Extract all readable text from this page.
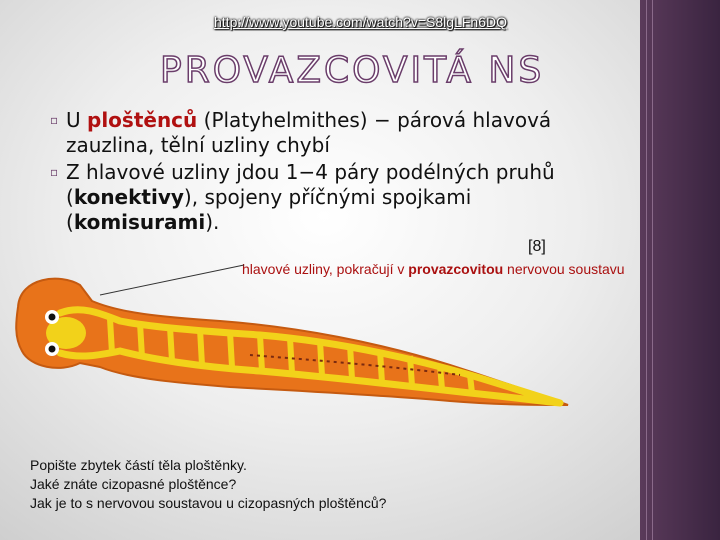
http://www.youtube.com/watch?v=S8lgLFn6DQ
PROVAZCOVITÁ NS
▫ U ploštěnců (Platyhelmithes) − párová hlavová zauzlina, tělní uzliny chybí
▫ Z hlavové uzliny jdou 1−4 páry podélných pruhů (konektivy), spojeny příčnými spojkami (komisurami).
[8]
hlavové uzliny, pokračují v provazcovitou nervovou soustavu
Popište zbytek částí těla ploštěnky.
Jaké znáte cizopasné ploštěnce?
Jak je to s nervovou soustavou u cizopasných ploštěnců?
